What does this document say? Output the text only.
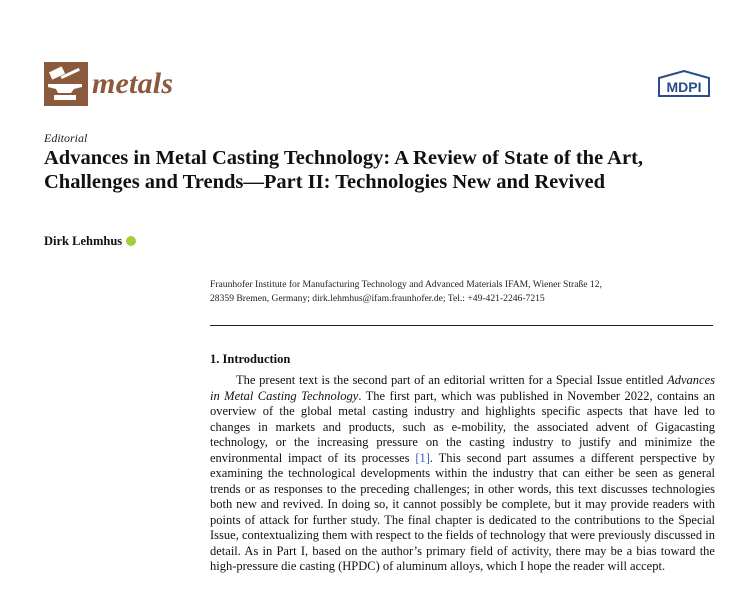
metals	MDPI
Editorial
Advances in Metal Casting Technology: A Review of State of the Art, Challenges and Trends—Part II: Technologies New and Revived
Dirk Lehmhus
Fraunhofer Institute for Manufacturing Technology and Advanced Materials IFAM, Wiener Straße 12,
28359 Bremen, Germany; dirk.lehmhus@ifam.fraunhofer.de; Tel.: +49-421-2246-7215
1. Introduction

The present text is the second part of an editorial written for a Special Issue entitled Advances in Metal Casting Technology. The first part, which was published in November 2022, contains an overview of the global metal casting industry and highlights specific aspects that have led to changes in markets and products, such as e-mobility, the associated advent of Gigacasting technology, or the increasing pressure on the casting industry to justify and minimize the environmental impact of its processes [1]. This second part assumes a different perspective by examining the technological developments within the industry that can either be seen as general trends or as responses to the preceding challenges; in other words, this text discusses technologies both new and revived. In doing so, it cannot possibly be complete, but it may provide readers with points of attack for further study. The final chapter is dedicated to the contributions to the Special Issue, contextualizing them with respect to the fields of technology that were previously discussed in detail. As in Part I, based on the author’s primary field of activity, there may be a bias toward the high-pressure die casting (HPDC) of aluminum alloys, which I hope the reader will accept.
